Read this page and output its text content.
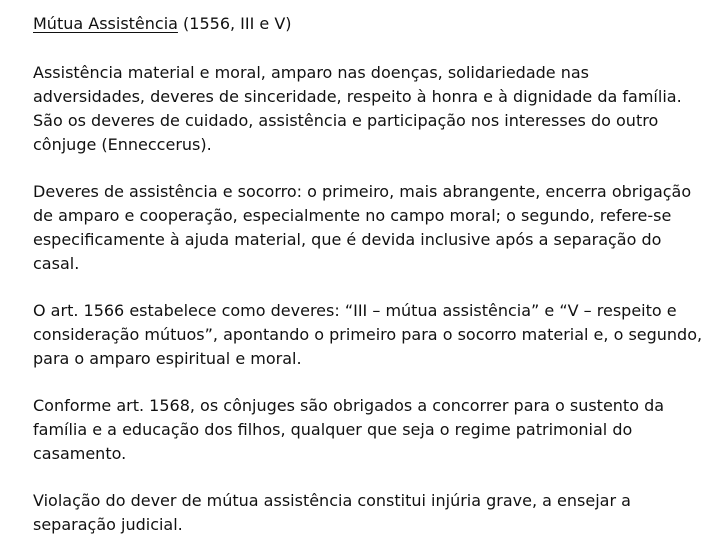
Mútua Assistência (1556, III e V)

Assistência material e moral, amparo nas doenças, solidariedade nas adversidades, deveres de sinceridade, respeito à honra e à dignidade da família. São os deveres de cuidado, assistência e participação nos interesses do outro cônjuge (Enneccerus).

Deveres de assistência e socorro: o primeiro, mais abrangente, encerra obrigação de amparo e cooperação, especialmente no campo moral; o segundo, refere-se especificamente à ajuda material, que é devida inclusive após a separação do casal.

O art. 1566 estabelece como deveres: “III – mútua assistência” e “V – respeito e consideração mútuos”, apontando o primeiro para o socorro material e, o segundo, para o amparo espiritual e moral.

Conforme art. 1568, os cônjuges são obrigados a concorrer para o sustento da família e a educação dos filhos, qualquer que seja o regime patrimonial do casamento.

Violação do dever de mútua assistência constitui injúria grave, a ensejar a separação judicial.
